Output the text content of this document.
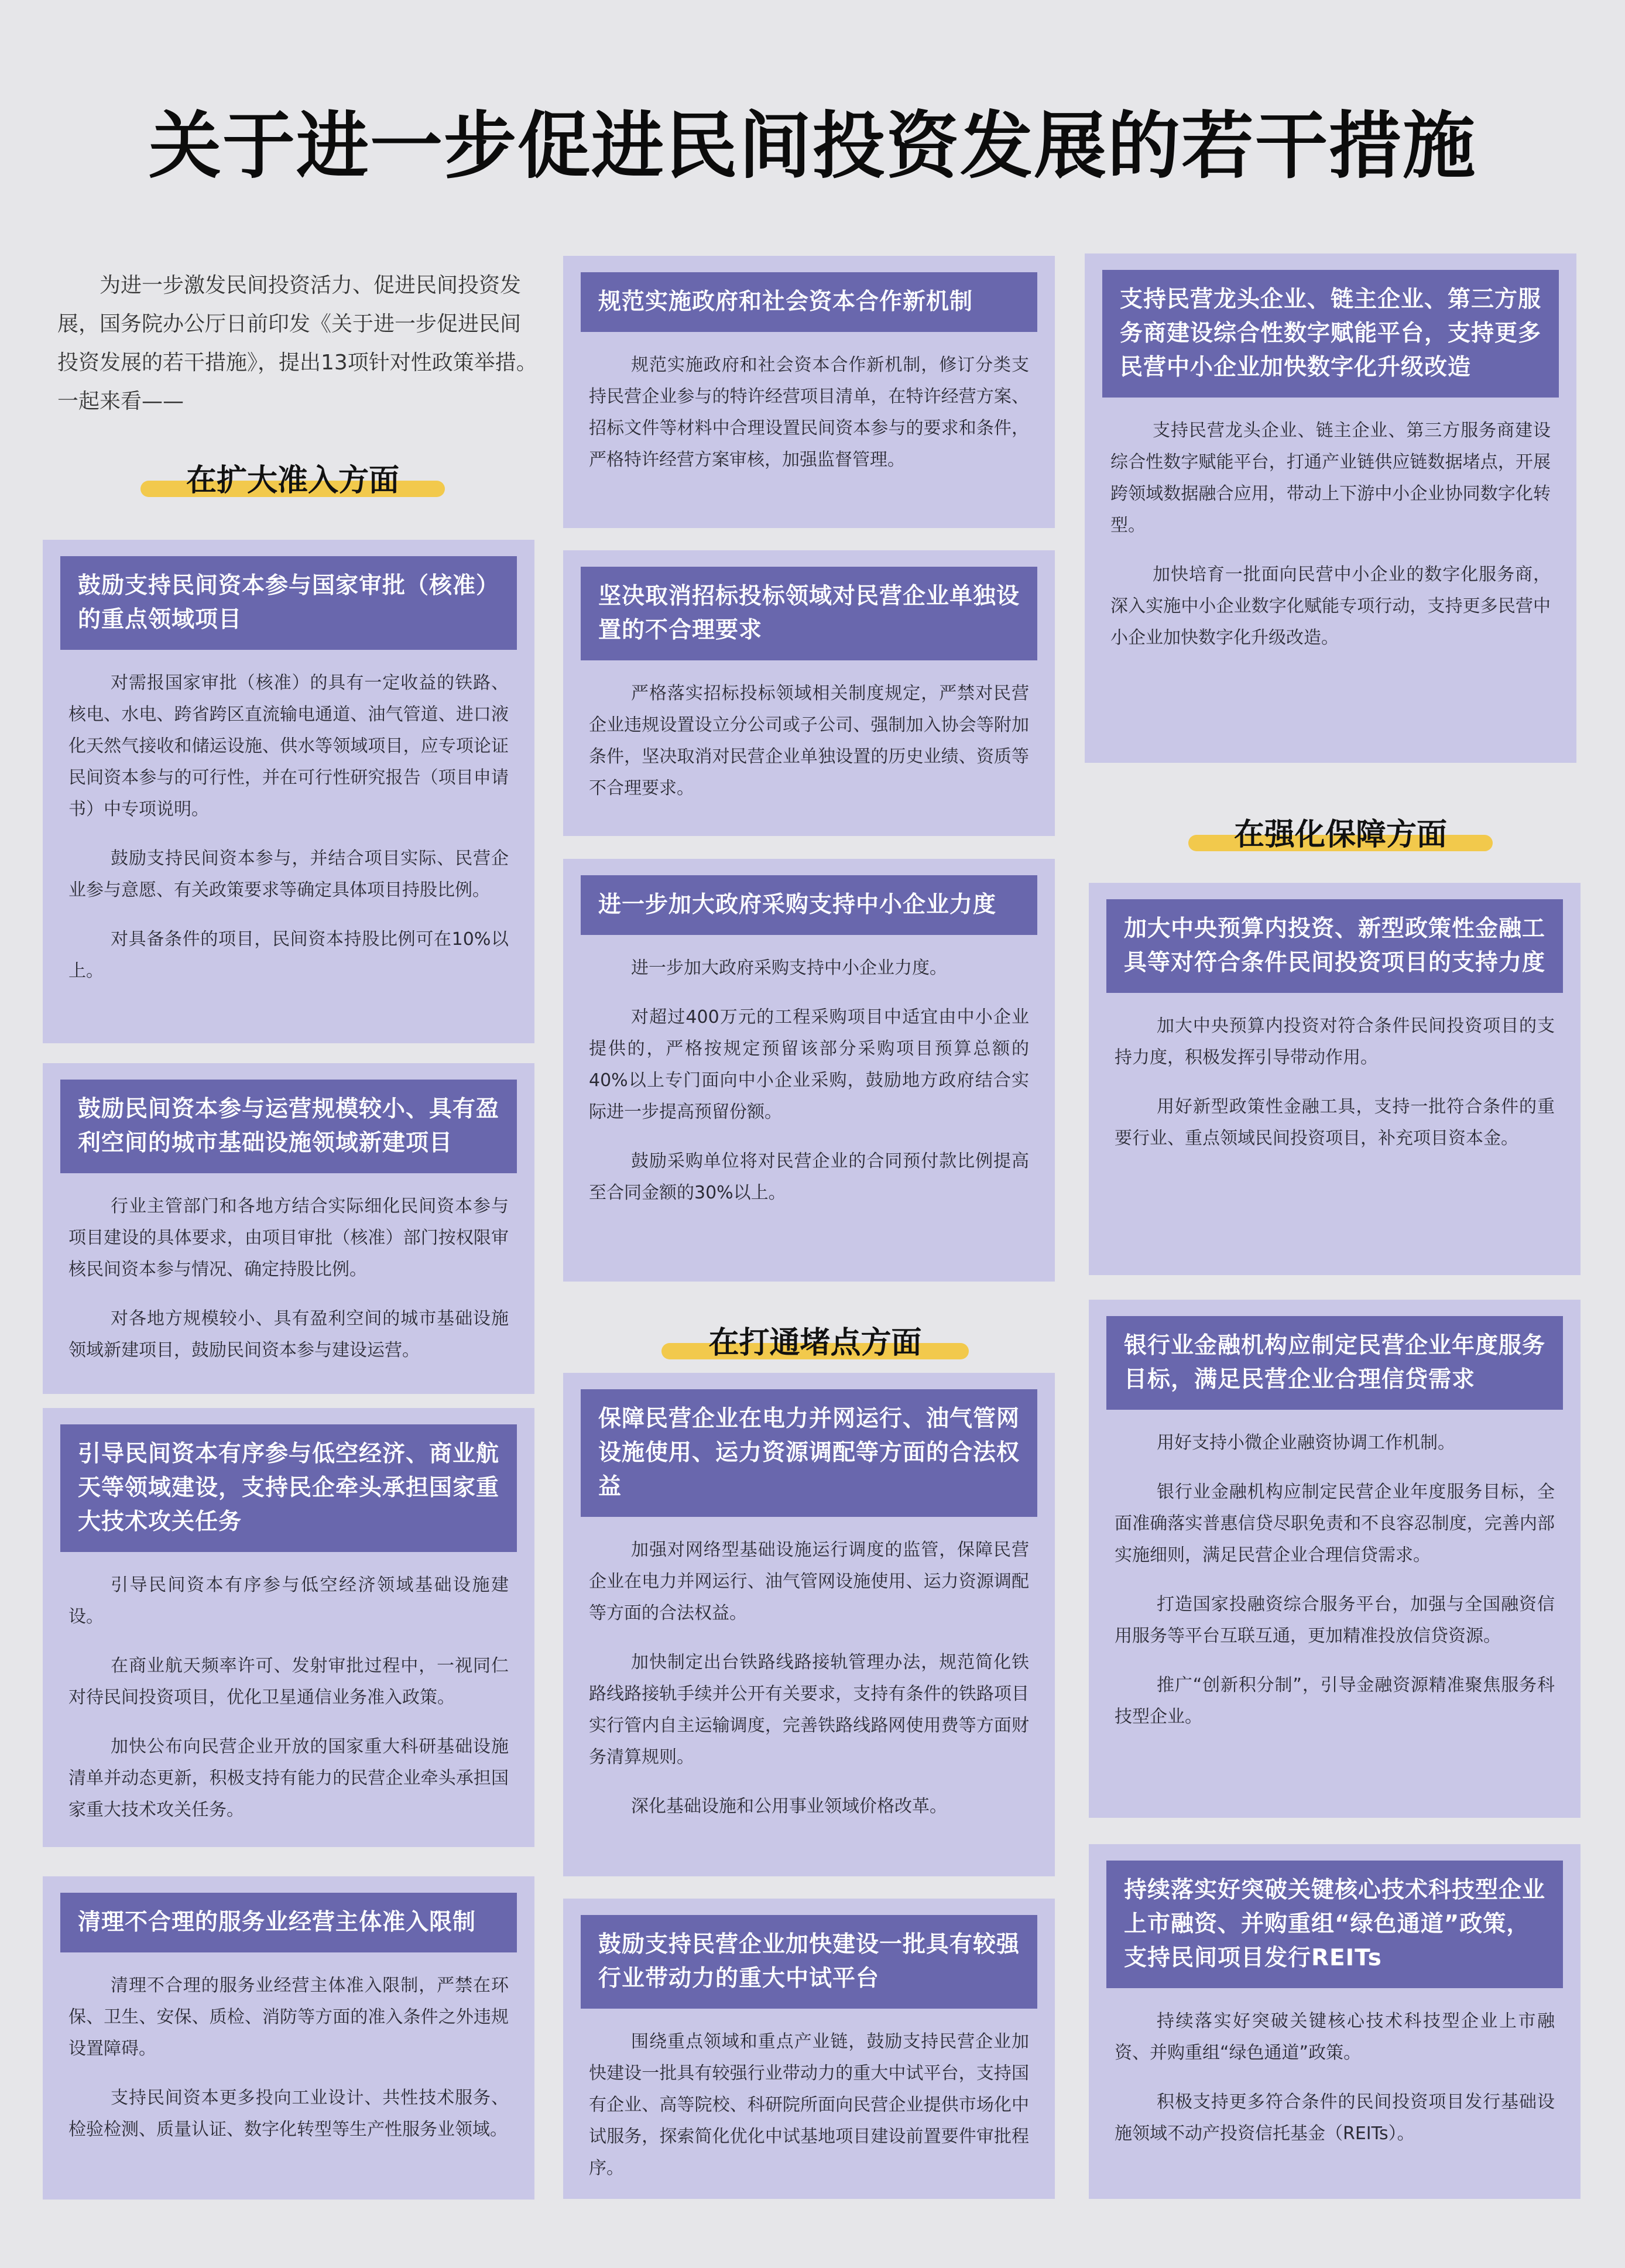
关于进一步促进民间投资发展的若干措施
为进一步激发民间投资活力、促进民间投资发展，国务院办公厅日前印发《关于进一步促进民间投资发展的若干措施》，提出13项针对性政策举措。一起来看——
在扩大准入方面
在打通堵点方面
在强化保障方面
鼓励支持民间资本参与国家审批（核准）的重点领域项目

对需报国家审批（核准）的具有一定收益的铁路、核电、水电、跨省跨区直流输电通道、油气管道、进口液化天然气接收和储运设施、供水等领域项目，应专项论证民间资本参与的可行性，并在可行性研究报告（项目申请书）中专项说明。

鼓励支持民间资本参与，并结合项目实际、民营企业参与意愿、有关政策要求等确定具体项目持股比例。

对具备条件的项目，民间资本持股比例可在10%以上。

鼓励民间资本参与运营规模较小、具有盈利空间的城市基础设施领域新建项目

行业主管部门和各地方结合实际细化民间资本参与项目建设的具体要求，由项目审批（核准）部门按权限审核民间资本参与情况、确定持股比例。

对各地方规模较小、具有盈利空间的城市基础设施领域新建项目，鼓励民间资本参与建设运营。

引导民间资本有序参与低空经济、商业航天等领域建设，支持民企牵头承担国家重大技术攻关任务

引导民间资本有序参与低空经济领域基础设施建设。

在商业航天频率许可、发射审批过程中，一视同仁对待民间投资项目，优化卫星通信业务准入政策。

加快公布向民营企业开放的国家重大科研基础设施清单并动态更新，积极支持有能力的民营企业牵头承担国家重大技术攻关任务。

清理不合理的服务业经营主体准入限制

清理不合理的服务业经营主体准入限制，严禁在环保、卫生、安保、质检、消防等方面的准入条件之外违规设置障碍。

支持民间资本更多投向工业设计、共性技术服务、检验检测、质量认证、数字化转型等生产性服务业领域。

规范实施政府和社会资本合作新机制

规范实施政府和社会资本合作新机制，修订分类支持民营企业参与的特许经营项目清单，在特许经营方案、招标文件等材料中合理设置民间资本参与的要求和条件，严格特许经营方案审核，加强监督管理。

坚决取消招标投标领域对民营企业单独设置的不合理要求

严格落实招标投标领域相关制度规定，严禁对民营企业违规设置设立分公司或子公司、强制加入协会等附加条件，坚决取消对民营企业单独设置的历史业绩、资质等不合理要求。

进一步加大政府采购支持中小企业力度

进一步加大政府采购支持中小企业力度。

对超过400万元的工程采购项目中适宜由中小企业提供的，严格按规定预留该部分采购项目预算总额的40%以上专门面向中小企业采购，鼓励地方政府结合实际进一步提高预留份额。

鼓励采购单位将对民营企业的合同预付款比例提高至合同金额的30%以上。

保障民营企业在电力并网运行、油气管网设施使用、运力资源调配等方面的合法权益

加强对网络型基础设施运行调度的监管，保障民营企业在电力并网运行、油气管网设施使用、运力资源调配等方面的合法权益。

加快制定出台铁路线路接轨管理办法，规范简化铁路线路接轨手续并公开有关要求，支持有条件的铁路项目实行管内自主运输调度，完善铁路线路网使用费等方面财务清算规则。

深化基础设施和公用事业领域价格改革。

鼓励支持民营企业加快建设一批具有较强行业带动力的重大中试平台

围绕重点领域和重点产业链，鼓励支持民营企业加快建设一批具有较强行业带动力的重大中试平台，支持国有企业、高等院校、科研院所面向民营企业提供市场化中试服务，探索简化优化中试基地项目建设前置要件审批程序。

支持民营龙头企业、链主企业、第三方服务商建设综合性数字赋能平台，支持更多民营中小企业加快数字化升级改造

支持民营龙头企业、链主企业、第三方服务商建设综合性数字赋能平台，打通产业链供应链数据堵点，开展跨领域数据融合应用，带动上下游中小企业协同数字化转型。

加快培育一批面向民营中小企业的数字化服务商，深入实施中小企业数字化赋能专项行动，支持更多民营中小企业加快数字化升级改造。

加大中央预算内投资、新型政策性金融工具等对符合条件民间投资项目的支持力度

加大中央预算内投资对符合条件民间投资项目的支持力度，积极发挥引导带动作用。

用好新型政策性金融工具，支持一批符合条件的重要行业、重点领域民间投资项目，补充项目资本金。

银行业金融机构应制定民营企业年度服务目标，满足民营企业合理信贷需求

用好支持小微企业融资协调工作机制。

银行业金融机构应制定民营企业年度服务目标，全面准确落实普惠信贷尽职免责和不良容忍制度，完善内部实施细则，满足民营企业合理信贷需求。

打造国家投融资综合服务平台，加强与全国融资信用服务等平台互联互通，更加精准投放信贷资源。

推广“创新积分制”，引导金融资源精准聚焦服务科技型企业。

持续落实好突破关键核心技术科技型企业上市融资、并购重组“绿色通道”政策，支持民间项目发行REITs

持续落实好突破关键核心技术科技型企业上市融资、并购重组“绿色通道”政策。

积极支持更多符合条件的民间投资项目发行基础设施领域不动产投资信托基金（REITs）。
